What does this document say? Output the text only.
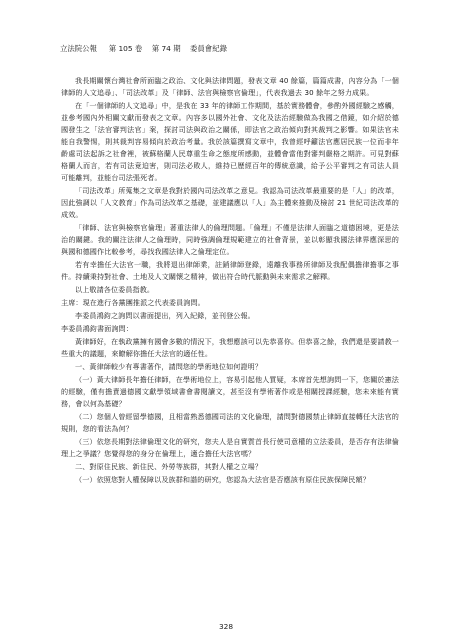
立法院公報 第 105 卷 第 74 期 委員會紀錄

我長期關懷台灣社會所面臨之政治、文化與法律問題，發表文章 40 餘篇，篇篇成書，內容分為「一個律師的人文追尋」、「司法改革」及「律師、法官與檢察官倫理」，代表我過去 30 餘年之努力成果。

在「一個律師的人文追尋」中，是我在 33 年的律師工作期間，基於實務體會，參酌外國經驗之感觸，並參考國內外相關文獻而發表之文章。內容多以國外社會、文化及法治經驗做為我國之借鏡，如介紹於德國發生之「法官審判法官」案，探討司法與政治之關係，即法官之政治傾向對其裁判之影響。如果法官未能自我警惕，則其裁判容易傾向於政治考量。我於該篇撰寫文章中，我曾經呼籲法官應居民族一位而非年齡處司法起訴之社會裡，被蘇格蘭人民尊重生命之態度所感動，並體會當他對審判嚴格之期許。可見對蘇格蘭人而言，若有司法竟迫害，則司法必敗人，維持已歷經百年的傳統意識，給予公平審判之有司法人員可能離判，並能台司法張死者。

「司法改革」所蒐集之文章是我對於國內司法改革之意見。我認為司法改革最重要的是「人」的改革，因此強調以「人文教育」作為司法改革之基礎，並建議應以「人」為主體來推動及檢討 21 世紀司法改革的成效。

「律師、法官與檢察官倫理」著重法律人的倫理問題。「倫理」不僅是法律人面臨之道德困境，更是法治的關鍵。我的關注法律人之倫理時，同時強調倫理規範建立的社會背景，並以彰顯我國法律界應深思的與國和德國作比較參考，尋找我國法律人之倫理定位。

若有幸擔任大法官一職，我將退出律師業，註銷律師登錄，遠離我事務所律師及我配偶擔律擔事之事件。持續秉持對社會、土地及人文關懷之精神，做出符合時代脈動與未來需求之解釋。

以上敬請各位委員指教。

主席：現在進行各黨團推派之代表委員詢問。

李委員鴻鈞之詢問以書面提出，列入紀錄，並刊登公報。

李委員鴻鈞書面詢問：

黃律師好，在執政黨擁有國會多數的情況下，我想應該可以先恭喜你。但恭喜之餘，我們還是要請教一些重大的議題，來瞭解你擔任大法官的適任性。

一、黃律師較少有專書著作，請問您的學術地位如何證明？

（一）黃大律師長年擔任律師，在學術地位上，容易引起他人質疑，本席首先想詢問一下，您關於憲法的經驗，僅有擔責過德國文獻學領域書會書閱讀文，甚至沒有學術著作或是相關授課經驗，您未來能有實務，會以何為基礎？

（二）您個人曾經留學德國，且相當熟悉德國司法的文化倫理，請問對德國禁止律師直接轉任大法官的規則，您的看法為何？

（三）依您長期對法律倫理文化的研究，您夫人是自實質首長行使司意權的立法委員，是否存有法律倫理上之爭議？您覺得您的身分在倫理上，適合擔任大法官嗎？

二、對原住民族、新住民、外勞等族群，其對人權之立場？

（一）依照您對人權保障以及族群和諧的研究，您認為大法官是否應該有原住民族保障民額？

328
